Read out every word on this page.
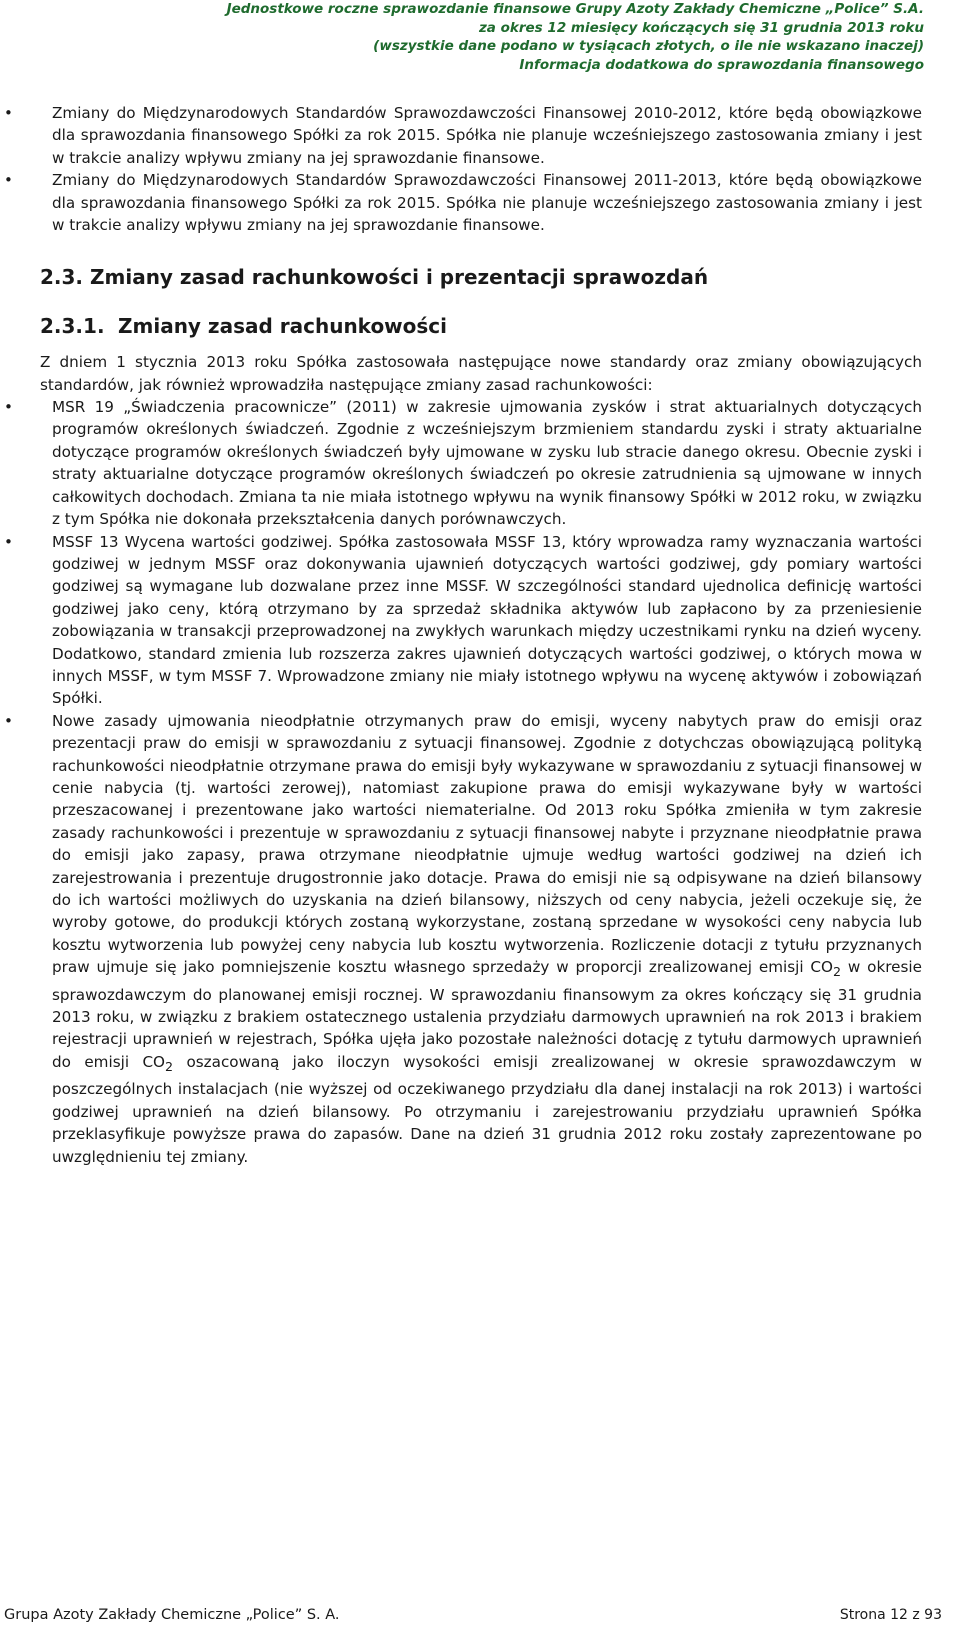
Jednostkowe roczne sprawozdanie finansowe Grupy Azoty Zakłady Chemiczne „Police” S.A.
za okres 12 miesięcy kończących się 31 grudnia 2013 roku
(wszystkie dane podano w tysiącach złotych, o ile nie wskazano inaczej)
Informacja dodatkowa do sprawozdania finansowego
• Zmiany do Międzynarodowych Standardów Sprawozdawczości Finansowej 2010-2012, które będą obowiązkowe dla sprawozdania finansowego Spółki za rok 2015. Spółka nie planuje wcześniejszego zastosowania zmiany i jest w trakcie analizy wpływu zmiany na jej sprawozdanie finansowe.
• Zmiany do Międzynarodowych Standardów Sprawozdawczości Finansowej 2011-2013, które będą obowiązkowe dla sprawozdania finansowego Spółki za rok 2015. Spółka nie planuje wcześniejszego zastosowania zmiany i jest w trakcie analizy wpływu zmiany na jej sprawozdanie finansowe.
2.3. Zmiany zasad rachunkowości i prezentacji sprawozdań
2.3.1. Zmiany zasad rachunkowości

Z dniem 1 stycznia 2013 roku Spółka zastosowała następujące nowe standardy oraz zmiany obowiązujących standardów, jak również wprowadziła następujące zmiany zasad rachunkowości:

• MSR 19 „Świadczenia pracownicze” (2011) w zakresie ujmowania zysków i strat aktuarialnych dotyczących programów określonych świadczeń. Zgodnie z wcześniejszym brzmieniem standardu zyski i straty aktuarialne dotyczące programów określonych świadczeń były ujmowane w zysku lub stracie danego okresu. Obecnie zyski i straty aktuarialne dotyczące programów określonych świadczeń po okresie zatrudnienia są ujmowane w innych całkowitych dochodach. Zmiana ta nie miała istotnego wpływu na wynik finansowy Spółki w 2012 roku, w związku z tym Spółka nie dokonała przekształcenia danych porównawczych.
• MSSF 13 Wycena wartości godziwej. Spółka zastosowała MSSF 13, który wprowadza ramy wyznaczania wartości godziwej w jednym MSSF oraz dokonywania ujawnień dotyczących wartości godziwej, gdy pomiary wartości godziwej są wymagane lub dozwalane przez inne MSSF. W szczególności standard ujednolica definicję wartości godziwej jako ceny, którą otrzymano by za sprzedaż składnika aktywów lub zapłacono by za przeniesienie zobowiązania w transakcji przeprowadzonej na zwykłych warunkach między uczestnikami rynku na dzień wyceny. Dodatkowo, standard zmienia lub rozszerza zakres ujawnień dotyczących wartości godziwej, o których mowa w innych MSSF, w tym MSSF 7. Wprowadzone zmiany nie miały istotnego wpływu na wycenę aktywów i zobowiązań Spółki.
• Nowe zasady ujmowania nieodpłatnie otrzymanych praw do emisji, wyceny nabytych praw do emisji oraz prezentacji praw do emisji w sprawozdaniu z sytuacji finansowej. Zgodnie z dotychczas obowiązującą polityką rachunkowości nieodpłatnie otrzymane prawa do emisji były wykazywane w sprawozdaniu z sytuacji finansowej w cenie nabycia (tj. wartości zerowej), natomiast zakupione prawa do emisji wykazywane były w wartości przeszacowanej i prezentowane jako wartości niematerialne. Od 2013 roku Spółka zmieniła w tym zakresie zasady rachunkowości i prezentuje w sprawozdaniu z sytuacji finansowej nabyte i przyznane nieodpłatnie prawa do emisji jako zapasy, prawa otrzymane nieodpłatnie ujmuje według wartości godziwej na dzień ich zarejestrowania i prezentuje drugostronnie jako dotacje. Prawa do emisji nie są odpisywane na dzień bilansowy do ich wartości możliwych do uzyskania na dzień bilansowy, niższych od ceny nabycia, jeżeli oczekuje się, że wyroby gotowe, do produkcji których zostaną wykorzystane, zostaną sprzedane w wysokości ceny nabycia lub kosztu wytworzenia lub powyżej ceny nabycia lub kosztu wytworzenia. Rozliczenie dotacji z tytułu przyznanych praw ujmuje się jako pomniejszenie kosztu własnego sprzedaży w proporcji zrealizowanej emisji $CO_2$ w okresie sprawozdawczym do planowanej emisji rocznej. W sprawozdaniu finansowym za okres kończący się 31 grudnia 2013 roku, w związku z brakiem ostatecznego ustalenia przydziału darmowych uprawnień na rok 2013 i brakiem rejestracji uprawnień w rejestrach, Spółka ujęła jako pozostałe należności dotację z tytułu darmowych uprawnień do emisji $CO_2$ oszacowaną jako iloczyn wysokości emisji zrealizowanej w okresie sprawozdawczym w poszczególnych instalacjach (nie wyższej od oczekiwanego przydziału dla danej instalacji na rok 2013) i wartości godziwej uprawnień na dzień bilansowy. Po otrzymaniu i zarejestrowaniu przydziału uprawnień Spółka przeklasyfikuje powyższe prawa do zapasów. Dane na dzień 31 grudnia 2012 roku zostały zaprezentowane po uwzględnieniu tej zmiany.
Grupa Azoty Zakłady Chemiczne „Police” S. A.	Strona 12 z 93
